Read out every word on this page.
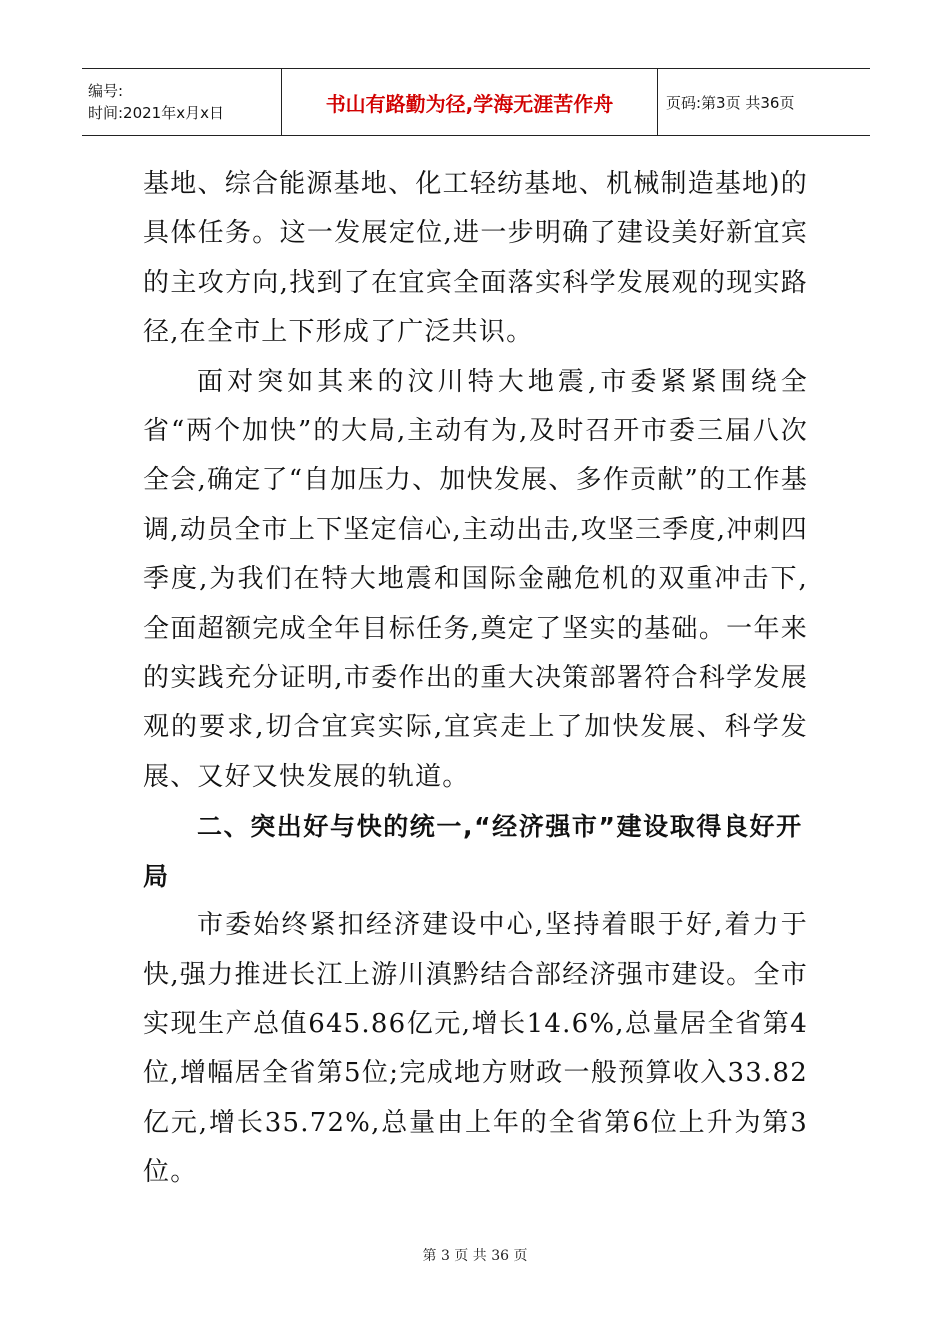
编号:
时间:2021年x月x日	书山有路勤为径,学海无涯苦作舟	页码:第3页 共36页

基地、综合能源基地、化工轻纺基地、机械制造基地)的具体任务。这一发展定位,进一步明确了建设美好新宜宾的主攻方向,找到了在宜宾全面落实科学发展观的现实路径,在全市上下形成了广泛共识。

面对突如其来的汶川特大地震,市委紧紧围绕全省“两个加快”的大局,主动有为,及时召开市委三届八次全会,确定了“自加压力、加快发展、多作贡献”的工作基调,动员全市上下坚定信心,主动出击,攻坚三季度,冲刺四季度,为我们在特大地震和国际金融危机的双重冲击下,全面超额完成全年目标任务,奠定了坚实的基础。一年来的实践充分证明,市委作出的重大决策部署符合科学发展观的要求,切合宜宾实际,宜宾走上了加快发展、科学发展、又好又快发展的轨道。

二、突出好与快的统一,“经济强市”建设取得良好开局

市委始终紧扣经济建设中心,坚持着眼于好,着力于快,强力推进长江上游川滇黔结合部经济强市建设。全市实现生产总值645.86亿元,增长14.6%,总量居全省第4位,增幅居全省第5位;完成地方财政一般预算收入33.82亿元,增长35.72%,总量由上年的全省第6位上升为第3位。

第 3 页 共 36 页
